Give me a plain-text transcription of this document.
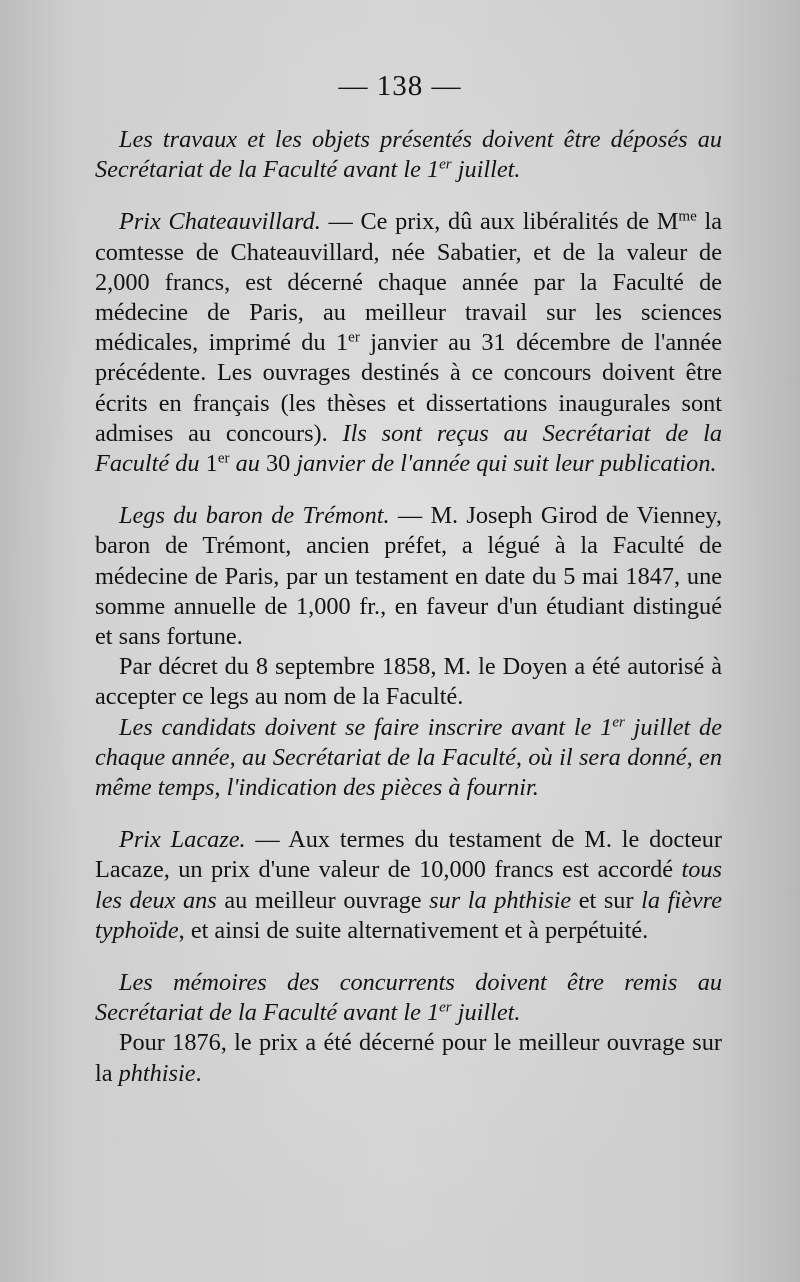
— 138 —

Les travaux et les objets présentés doivent être déposés au Secrétariat de la Faculté avant le 1er juillet.

Prix Chateauvillard. — Ce prix, dû aux libéralités de $M^{me}$ la comtesse de Chateauvillard, née Sabatier, et de la valeur de 2,000 francs, est décerné chaque année par la Faculté de médecine de Paris, au meilleur travail sur les sciences médicales, imprimé du 1er janvier au 31 décembre de l'année précédente. Les ouvrages destinés à ce concours doivent être écrits en français (les thèses et dissertations inaugurales sont admises au concours). Ils sont reçus au Secrétariat de la Faculté du 1er au 30 janvier de l'année qui suit leur publication.

Legs du baron de Trémont. — M. Joseph Girod de Vienney, baron de Trémont, ancien préfet, a légué à la Faculté de médecine de Paris, par un testament en date du 5 mai 1847, une somme annuelle de 1,000 fr., en faveur d'un étudiant distingué et sans fortune.

Par décret du 8 septembre 1858, M. le Doyen a été autorisé à accepter ce legs au nom de la Faculté.

Les candidats doivent se faire inscrire avant le 1er juillet de chaque année, au Secrétariat de la Faculté, où il sera donné, en même temps, l'indication des pièces à fournir.

Prix Lacaze. — Aux termes du testament de M. le docteur Lacaze, un prix d'une valeur de 10,000 francs est accordé tous les deux ans au meilleur ouvrage sur la phthisie et sur la fièvre typhoïde, et ainsi de suite alternativement et à perpétuité.

Les mémoires des concurrents doivent être remis au Secrétariat de la Faculté avant le 1er juillet.

Pour 1876, le prix a été décerné pour le meilleur ouvrage sur la phthisie.
